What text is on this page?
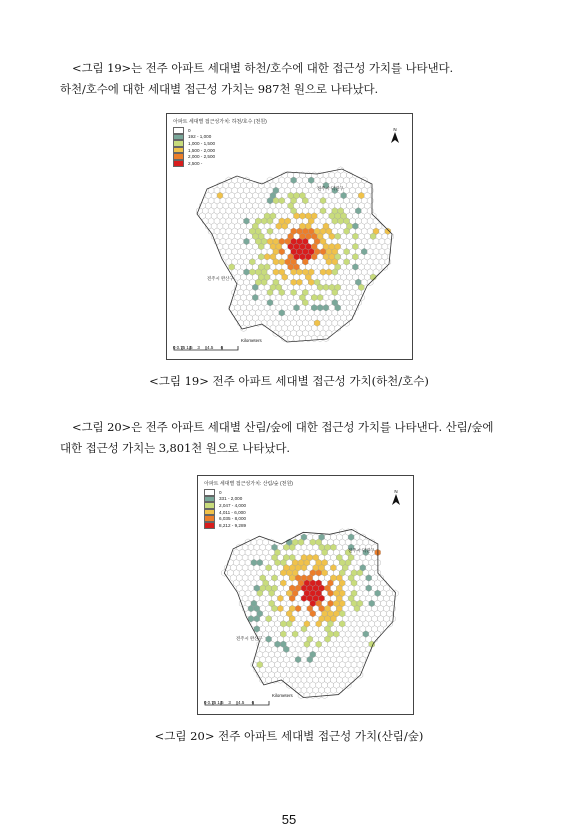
<그림 19>는 전주 아파트 세대별 하천/호수에 대한 접근성 가치를 나타낸다.
하천/호수에 대한 세대별 접근성 가치는 987천 원으로 나타났다.
아파트 세대별 접근성가치: 하천/호수 (천원)
0
192 - 1,000
1,000 - 1,500
1,500 - 2,000
2,000 - 2,500
2,500 -
N
전주시 덕진구
전주시 완산구
0 0.75 1.5    3      4.5      6
Kilometers
<그림 19> 전주 아파트 세대별 접근성 가치(하천/호수)
<그림 20>은 전주 아파트 세대별 산림/숲에 대한 접근성 가치를 나타낸다. 산림/숲에
대한 접근성 가치는 3,801천 원으로 나타났다.
아파트 세대별 접근성가치: 산림/숲 (천원)
0
331 - 2,000
2,047 - 4,000
4,011 - 6,000
6,035 - 8,000
8,212 - 9,289
N
전주시 덕진구
전주시 완산구
0 0.75 1.5    3      4.5      6
Kilometers
<그림 20> 전주 아파트 세대별 접근성 가치(산림/숲)
55
